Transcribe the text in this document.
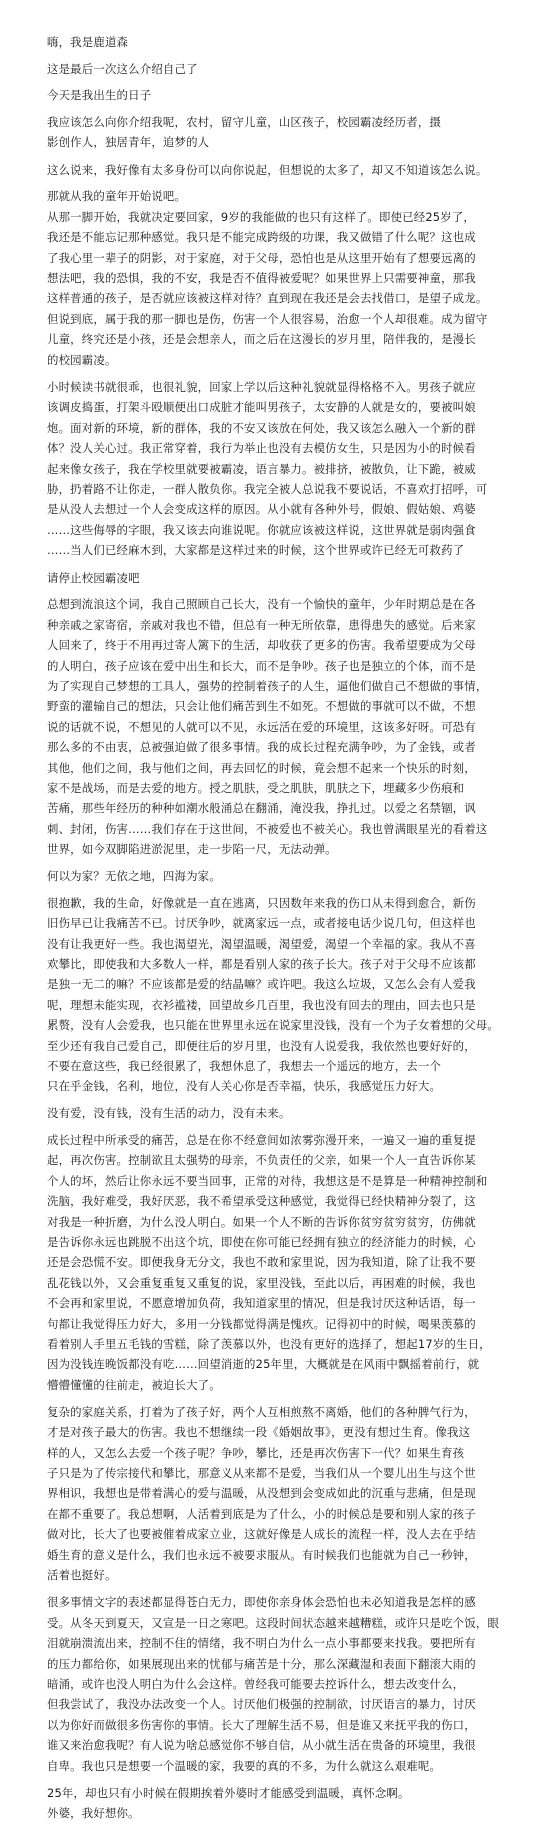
嗨，我是鹿道森

这是最后一次这么介绍自己了

今天是我出生的日子

我应该怎么向你介绍我呢，农村，留守儿童，山区孩子，校园霸凌经历者，摄
影创作人，独居青年，追梦的人

这么说来，我好像有太多身份可以向你说起，但想说的太多了，却又不知道该怎么说。

那就从我的童年开始说吧。
从那一脚开始，我就决定要回家，9岁的我能做的也只有这样了。即使已经25岁了，
我还是不能忘记那种感觉。我只是不能完成跨级的功课，我又做错了什么呢？这也成
了我心里一辈子的阴影，对于家庭，对于父母，恐怕也是从这里开始有了想要远离的
想法吧，我的恐惧，我的不安，我是否不值得被爱呢？如果世界上只需要神童，那我
这样普通的孩子，是否就应该被这样对待？直到现在我还是会去找借口，是望子成龙。
但说到底，属于我的那一脚也是伤，伤害一个人很容易，治愈一个人却很难。成为留守
儿童，终究还是小孩，还是会想亲人，而之后在这漫长的岁月里，陪伴我的，是漫长
的校园霸凌。

小时候读书就很乖，也很礼貌，回家上学以后这种礼貌就显得格格不入。男孩子就应
该调皮捣蛋，打架斗殴顺便出口成脏才能叫男孩子，太安静的人就是女的，要被叫娘
炮。面对新的环境，新的群体，我的不安又该放在何处，我又该怎么融入一个新的群
体？没人关心过。我正常穿着，我行为举止也没有去模仿女生，只是因为小的时候看
起来像女孩子，我在学校里就要被霸凌，语言暴力。被排挤，被散负，让下跪，被威
胁，扔着路不让你走，一群人散负你。我完全被人总说我不要说话，不喜欢打招呼，可
是从没人去想过一个人会变成这样的原因。从小就有各种外号，假娘、假姑娘、鸡婆
……这些侮辱的字眼，我又该去向谁说呢。你就应该被这样说，这世界就是弱肉强食
……当人们已经麻木到，大家都是这样过来的时候，这个世界或许已经无可救药了

请停止校园霸凌吧

总想到流浪这个词，我自己照顾自己长大，没有一个愉快的童年，少年时期总是在各
种亲戚之家寄宿，亲戚对我也不错，但总有一种无所依靠，患得患失的感觉。后来家
人回来了，终于不用再过寄人篱下的生活，却收获了更多的伤害。我希望要成为父母
的人明白，孩子应该在爱中出生和长大，而不是争吵。孩子也是独立的个体，而不是
为了实现自己梦想的工具人，强势的控制着孩子的人生，逼他们做自己不想做的事情，
野蛮的灌输自己的想法，只会让他们痛苦到生不如死。不想做的事就可以不做，不想
说的话就不说，不想见的人就可以不见，永远活在爱的环境里，这该多好呀。可恐有
那么多的不由衷，总被强迫做了很多事情。我的成长过程充满争吵，为了金钱，或者
其他，他们之间，我与他们之间，再去回忆的时候，竟会想不起来一个快乐的时刻，
家不是战场，而是去爱的地方。授之肌肤，受之肌肤，肌肤之下，埋藏多少伤痕和
苦痛，那些年经历的种种如潮水般涌总在翻涌，淹没我，挣扎过。以爱之名禁锢，讽
刺、封闭，伤害……我们存在于这世间，不被爱也不被关心。我也曾满眼星光的看着这
世界，如今双脚陷进淤泥里，走一步陷一尺，无法动弹。

何以为家？无依之地，四海为家。

很抱歉，我的生命，好像就是一直在逃离，只因数年来我的伤口从未得到愈合，新伤
旧伤早已让我痛苦不已。讨厌争吵，就离家远一点，或者接电话少说几句，但这样也
没有让我更好一些。我也渴望光，渴望温暖，渴望爱，渴望一个幸福的家。我从不喜
欢攀比，即使我和大多数人一样，都是看别人家的孩子长大。孩子对于父母不应该都
是独一无二的嘛？不应该都是爱的结晶嘛？或许吧。我这么垃圾，又怎么会有人爱我
呢，理想未能实现，衣衫褴褛，回望故乡几百里，我也没有回去的理由，回去也只是
累赘，没有人会爱我，也只能在世界里永远在说家里没钱，没有一个为子女着想的父母。
至少还有我自己爱自己，即便往后的岁月里，也没有人说爱我，我依然也要好好的，
不要在意这些，我已经很累了，我想休息了，我想去一个遥远的地方，去一个
只在乎金钱，名利，地位，没有人关心你是否幸福，快乐，我感觉压力好大。

没有爱，没有钱，没有生活的动力，没有未来。

成长过程中所承受的痛苦，总是在你不经意间如浓雾弥漫开来，一遍又一遍的重复提
起，再次伤害。控制欲且太强势的母亲，不负责任的父亲，如果一个人一直告诉你某
个人的坏，然后让你永远不要当回事，正常的对待，我想这是不是算是一种精神控制和
洗脑，我好难受，我好厌恶，我不希望承受这种感觉，我觉得已经快精神分裂了，这
对我是一种折磨，为什么没人明白。如果一个人不断的告诉你贫穷贫穷贫穷，仿佛就
是告诉你永远也跳脱不出这个坑，即使在你可能已经拥有独立的经济能力的时候，心
还是会恐慌不安。即便我身无分文，我也不敢和家里说，因为我知道，除了让我不要
乱花钱以外，又会重复重复又重复的说，家里没钱，至此以后，再困难的时候，我也
不会再和家里说，不愿意增加负荷，我知道家里的情况，但是我讨厌这种话语，每一
句都让我觉得压力好大，多用一分钱都觉得满是愧疚。记得初中的时候，喝果羡慕的
看着别人手里五毛钱的雪糕，除了羡慕以外，也没有更好的选择了，想起17岁的生日，
因为没钱连晚饭都没有吃……回望消逝的25年里，大概就是在风雨中飘摇着前行，就
懵懵懂懂的往前走，被迫长大了。

复杂的家庭关系，打着为了孩子好，两个人互相煎熬不离婚，他们的各种脾气行为，
才是对孩子最大的伤害。我也不想继续一段《婚姻故事》，更没有想过生育。像我这
样的人，又怎么去爱一个孩子呢？争吵，攀比，还是再次伤害下一代？如果生育孩
子只是为了传宗接代和攀比，那意义从来都不是爱，当我们从一个婴儿出生与这个世
界相识，我想也是带着满心的爱与温暖，从没想到会变成如此的沉重与悲痛，但是现
在都不重要了。我总想啊，人活着到底是为了什么，小的时候总是要和别人家的孩子
做对比，长大了也要被催着成家立业，这就好像是人成长的流程一样，没人去在乎结
婚生育的意义是什么，我们也永远不被要求服从。有时候我们也能就为自己一秒钟，
活着也挺好。

很多事情文字的表述都显得苍白无力，即使你亲身体会恐怕也未必知道我是怎样的感
受。从冬天到夏天，又宣是一日之寒吧。这段时间状态越来越糟糕，或许只是吃个饭，眼
泪就崩溃流出来，控制不住的情绪，我不明白为什么一点小事都要来找我。要把所有
的压力都给你，如果展现出来的忧郁与痛苦是十分，那么深藏湿和表面下翻滚大雨的
暗涌，或许也没人明白为什么会这样。曾经我可能要去控诉什么，想去改变什么，
但我尝试了，我没办法改变一个人。讨厌他们极强的控制欲，讨厌语言的暴力，讨厌
以为你好而做很多伤害你的事情。长大了理解生活不易，但是谁又来抚平我的伤口，
谁又来治愈我呢？有人说为啥总感觉你不够自信，从小就生活在贵备的环境里，我很
自卑。我也只是想要一个温暖的家，我要的真的不多，为什么就这么艰难呢。

25年，却也只有小时候在假期挨着外婆时才能感受到温暖，真怀念啊。
外婆，我好想你。
